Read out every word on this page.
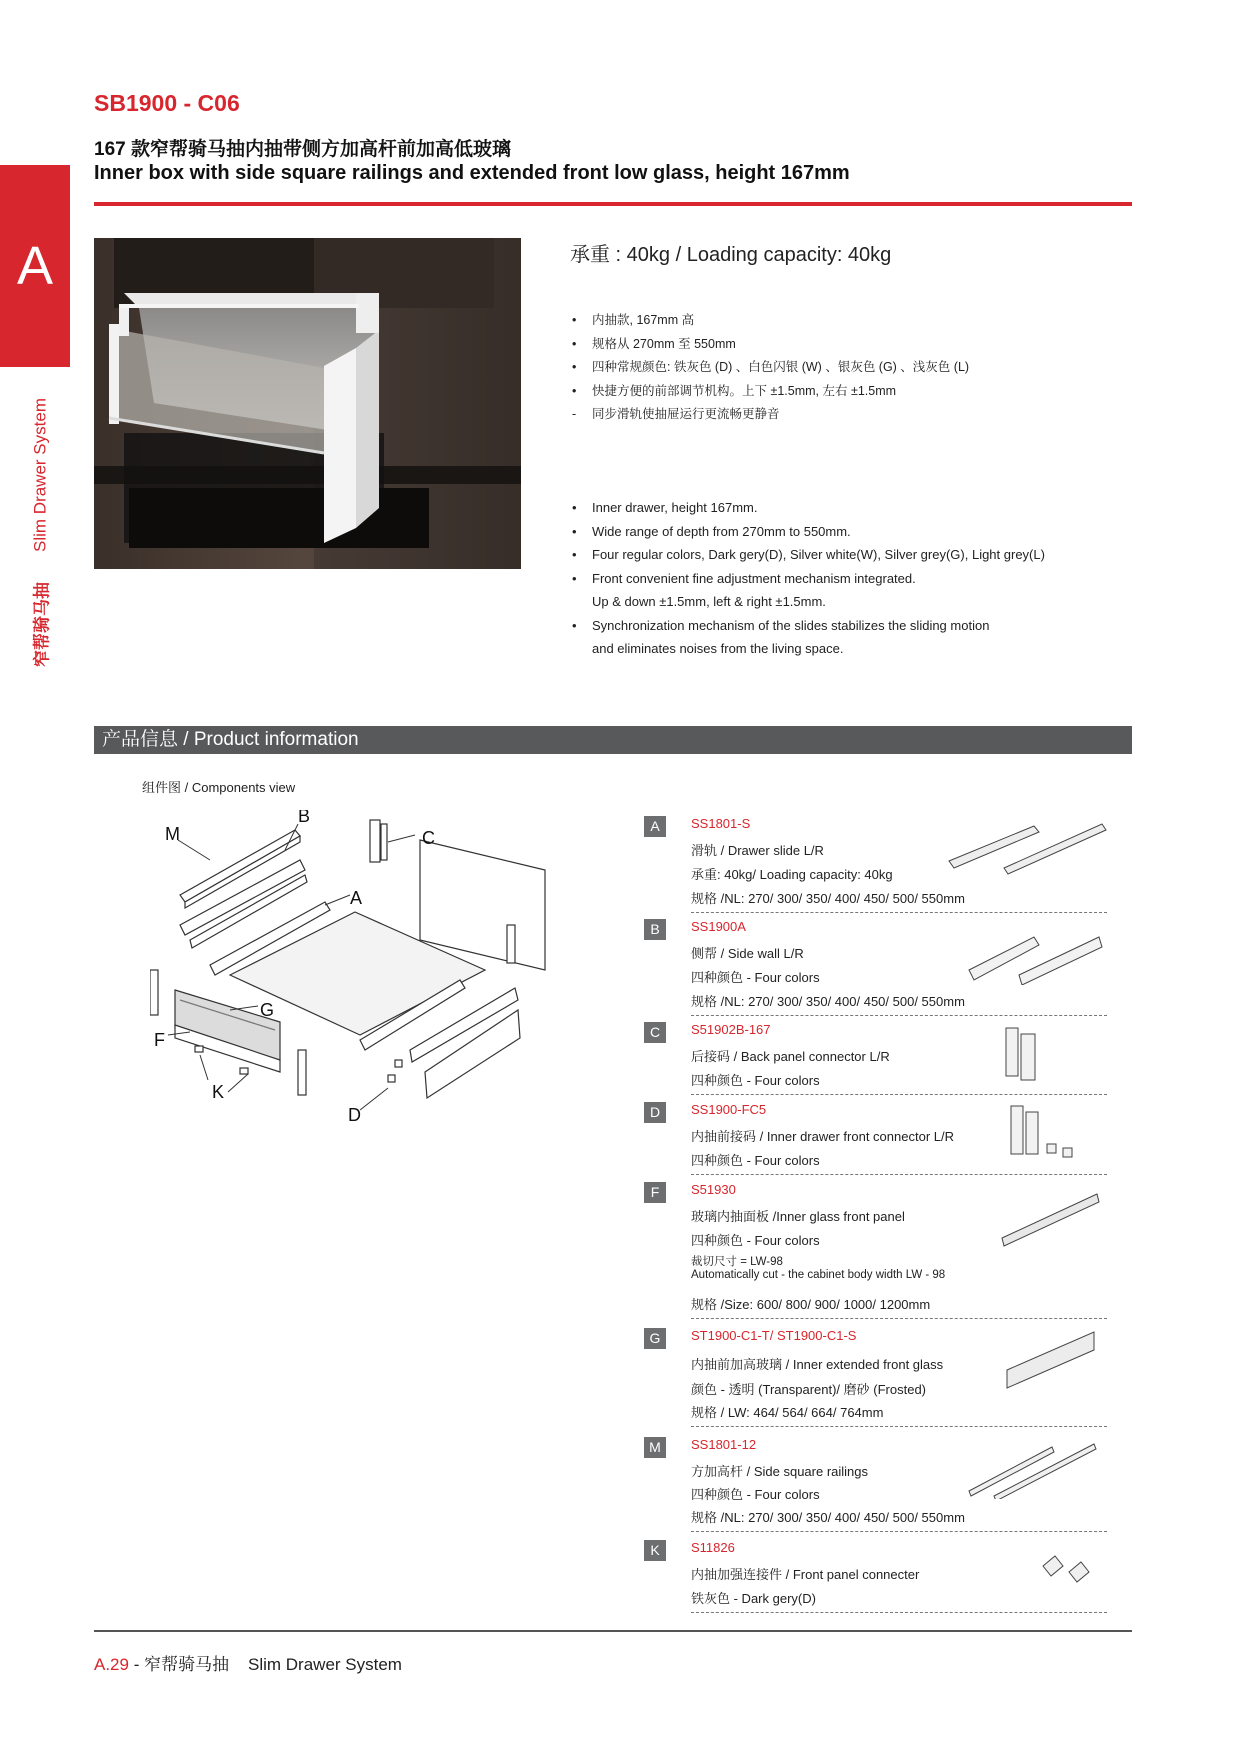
A
Slim Drawer System
窄帮骑马抽
SB1900 - C06
167 款窄帮骑马抽内抽带侧方加高杆前加高低玻璃
Inner box with side square railings and extended front low glass, height 167mm
承重 : 40kg / Loading capacity: 40kg
• 内抽款, 167mm 高
• 规格从 270mm 至 550mm
• 四种常规颜色: 铁灰色 (D) 、白色闪银 (W) 、银灰色 (G) 、浅灰色 (L)
• 快捷方便的前部调节机构。上下 ±1.5mm, 左右 ±1.5mm
- 同步滑轨使抽屉运行更流畅更静音
• Inner drawer, height 167mm.
• Wide range of depth from 270mm to 550mm.
• Four regular colors, Dark gery(D), Silver white(W), Silver grey(G), Light grey(L)
• Front convenient fine adjustment mechanism integrated.
Up & down ±1.5mm, left & right ±1.5mm.
• Synchronization mechanism of the slides stabilizes the sliding motion
and eliminates noises from the living space.
产品信息 / Product information
组件图 / Components view
M
B
C
A
G
F
K
D
A	SS1801-S
滑轨 / Drawer slide L/R
承重: 40kg/ Loading capacity: 40kg
规格 /NL: 270/ 300/ 350/ 400/ 450/ 500/ 550mm
B	SS1900A
侧帮 / Side wall L/R
四种颜色 - Four colors
规格 /NL: 270/ 300/ 350/ 400/ 450/ 500/ 550mm
C	S51902B-167
后接码 / Back panel connector L/R
四种颜色 - Four colors
D	SS1900-FC5
内抽前接码 / Inner drawer front connector L/R
四种颜色 - Four colors
F	S51930
玻璃内抽面板 /Inner glass front panel
四种颜色 - Four colors
裁切尺寸 = LW-98
Automatically cut - the cabinet body width LW - 98
规格 /Size: 600/ 800/ 900/ 1000/ 1200mm
G	ST1900-C1-T/ ST1900-C1-S
内抽前加高玻璃 / Inner extended front glass
颜色 - 透明 (Transparent)/ 磨砂 (Frosted)
规格 / LW: 464/ 564/ 664/ 764mm
M	SS1801-12
方加高杆 / Side square railings
四种颜色 - Four colors
规格 /NL: 270/ 300/ 350/ 400/ 450/ 500/ 550mm
K	S11826
内抽加强连接件 / Front panel connecter
铁灰色 - Dark gery(D)
A.29 - 窄帮骑马抽 Slim Drawer System
